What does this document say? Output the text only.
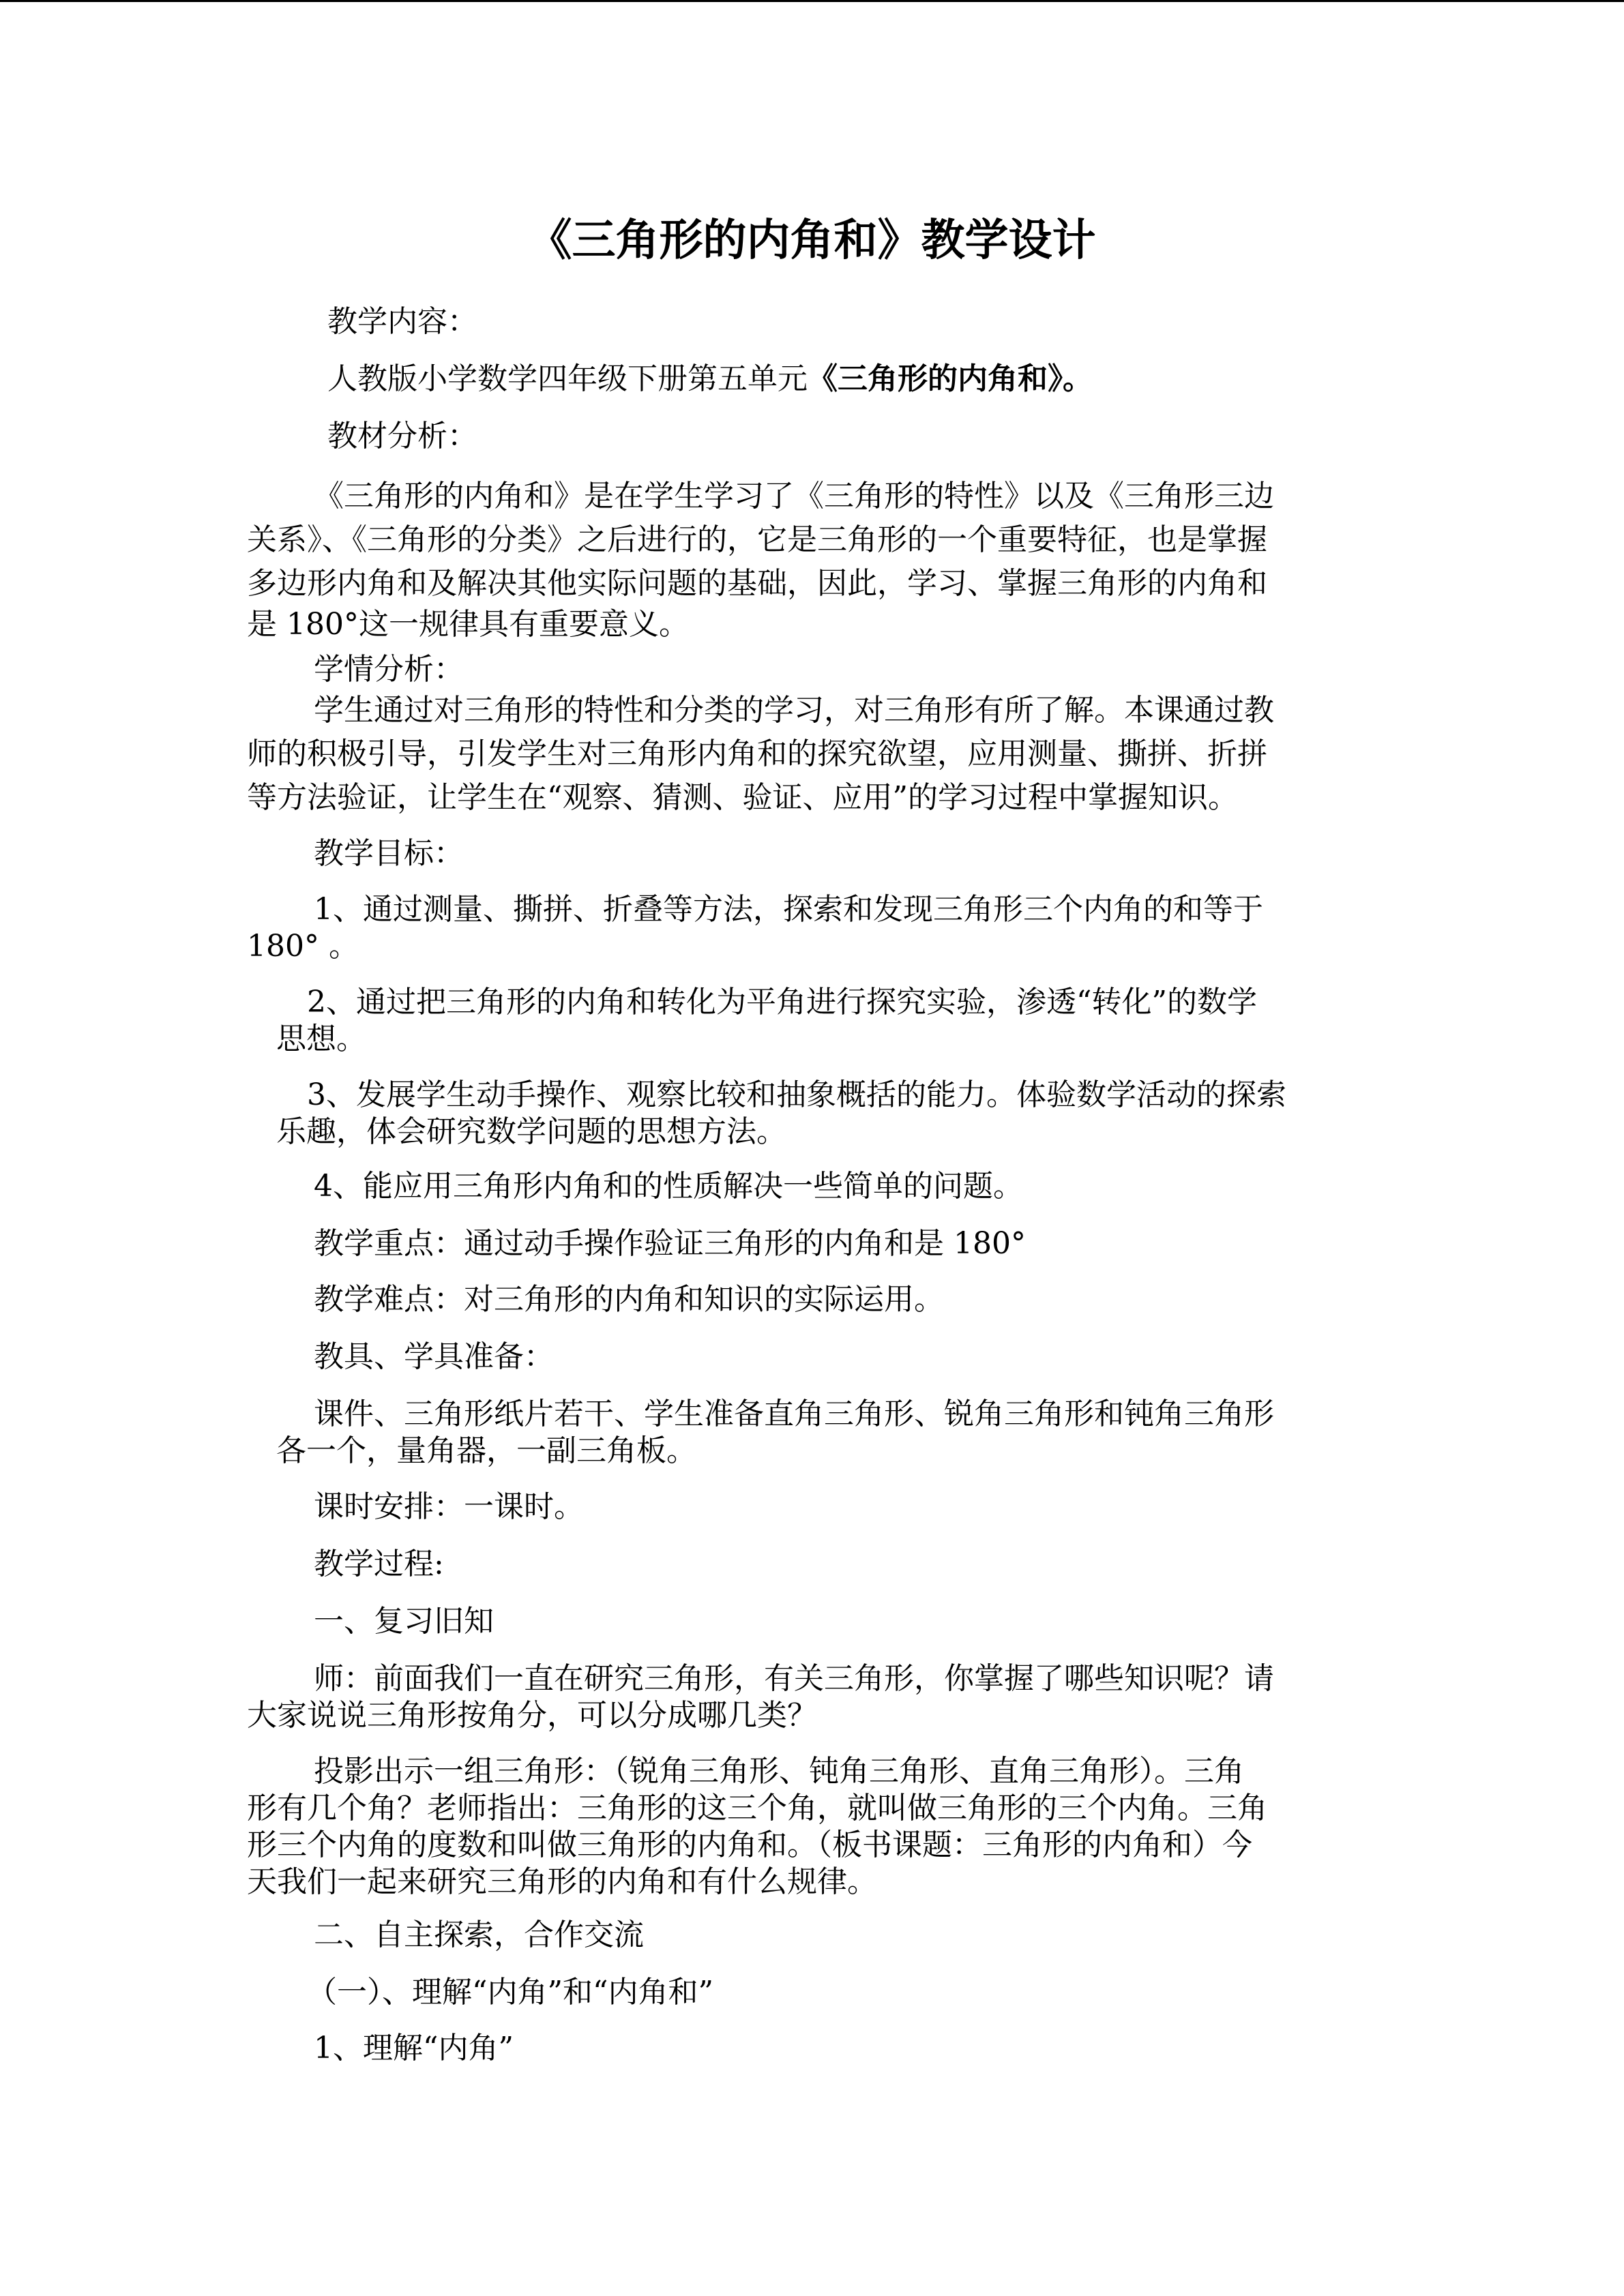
《三角形的内角和》教学设计

教学内容：

人教版小学数学四年级下册第五单元《三角形的内角和》。

教材分析：

《三角形的内角和》是在学生学习了《三角形的特性》以及《三角形三边

关系》、《三角形的分类》之后进行的，它是三角形的一个重要特征，也是掌握

多边形内角和及解决其他实际问题的基础，因此，学习、掌握三角形的内角和

是 180°这一规律具有重要意义。

学情分析：

学生通过对三角形的特性和分类的学习，对三角形有所了解。本课通过教

师的积极引导，引发学生对三角形内角和的探究欲望，应用测量、撕拼、折拼

等方法验证，让学生在“观察、猜测、验证、应用”的学习过程中掌握知识。

教学目标：

1、通过测量、撕拼、折叠等方法，探索和发现三角形三个内角的和等于

180° 。

2、通过把三角形的内角和转化为平角进行探究实验，渗透“转化”的数学

思想。

3、发展学生动手操作、观察比较和抽象概括的能力。体验数学活动的探索

乐趣，体会研究数学问题的思想方法。

4、能应用三角形内角和的性质解决一些简单的问题。

教学重点：通过动手操作验证三角形的内角和是 180°

教学难点：对三角形的内角和知识的实际运用。

教具、学具准备：

课件、三角形纸片若干、学生准备直角三角形、锐角三角形和钝角三角形

各一个，量角器，一副三角板。

课时安排：一课时。

教学过程:

一、复习旧知

师：前面我们一直在研究三角形，有关三角形，你掌握了哪些知识呢？请

大家说说三角形按角分，可以分成哪几类？

投影出示一组三角形：（锐角三角形、钝角三角形、直角三角形）。三角

形有几个角？老师指出：三角形的这三个角，就叫做三角形的三个内角。三角

形三个内角的度数和叫做三角形的内角和。（板书课题：三角形的内角和）今

天我们一起来研究三角形的内角和有什么规律。

二、自主探索，合作交流

（一）、理解“内角”和“内角和”

1、理解“内角”
